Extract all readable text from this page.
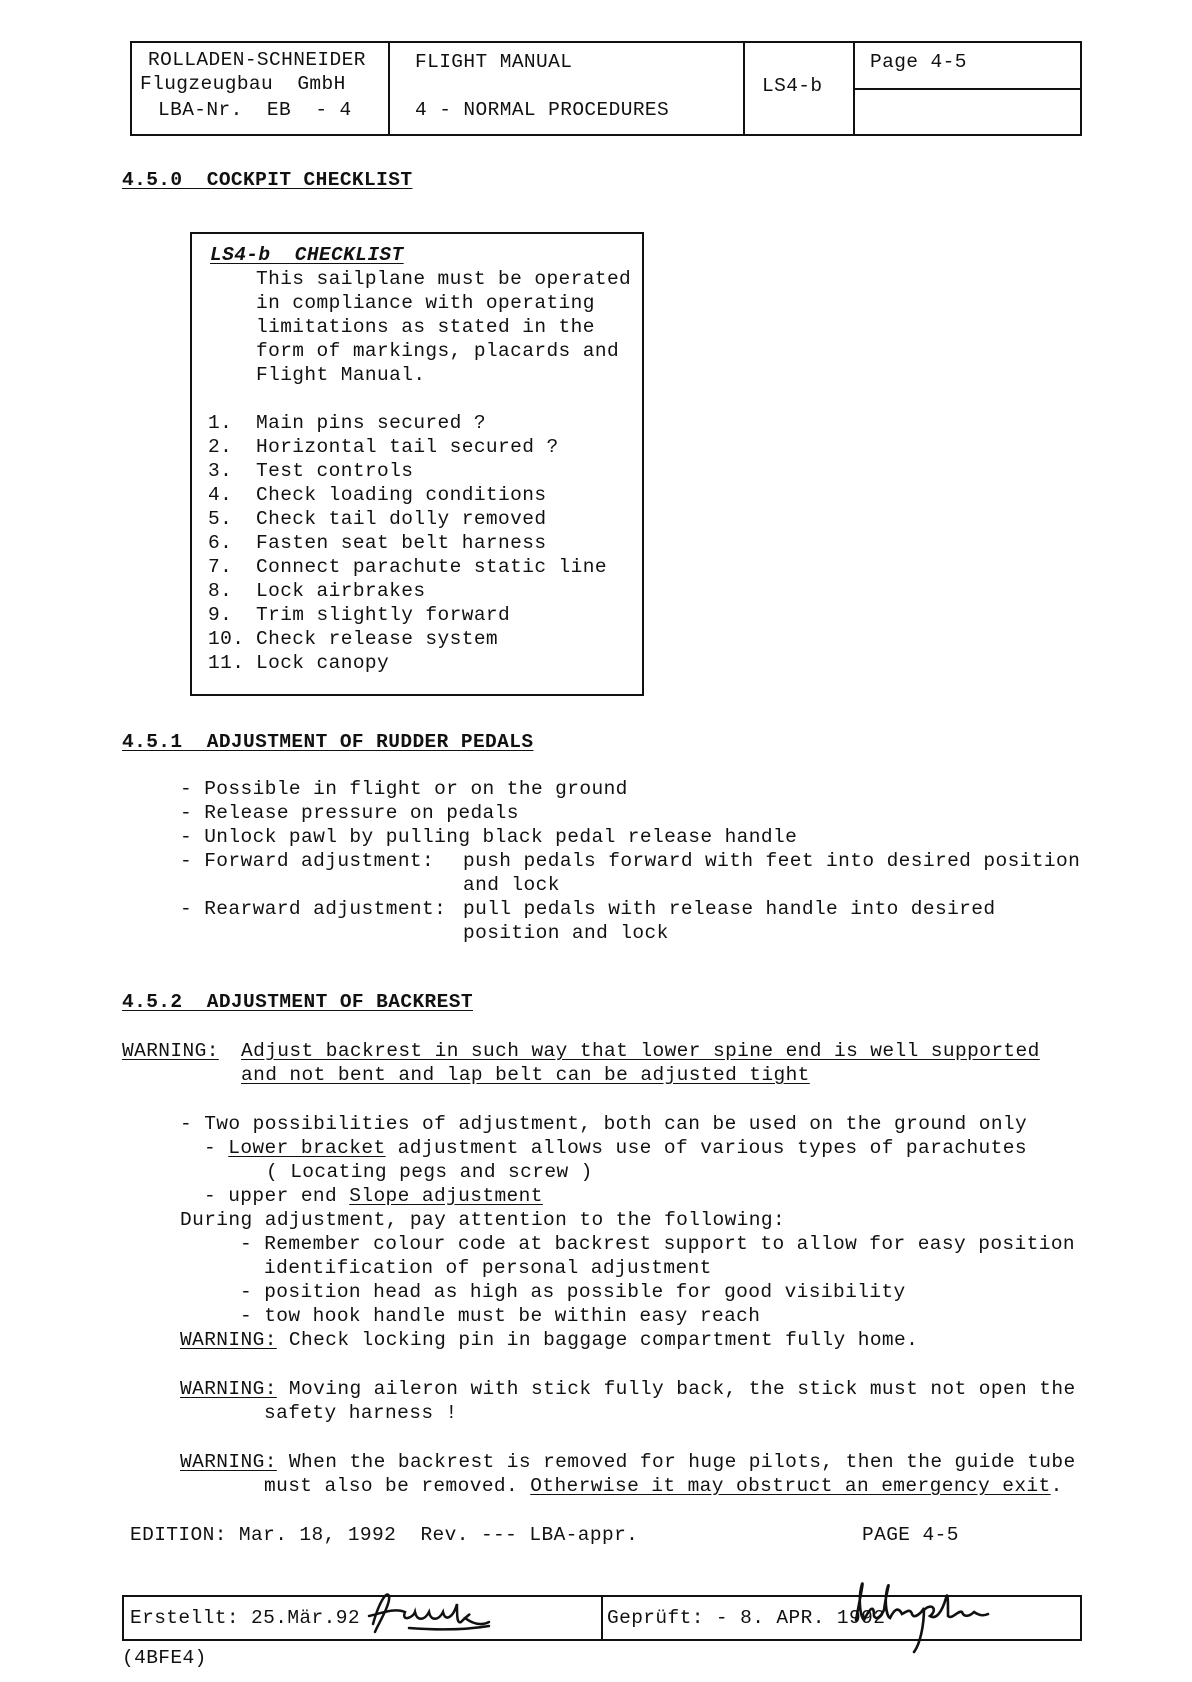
ROLLADEN-SCHNEIDER
Flugzeugbau  GmbH
LBA-Nr.  EB  - 4
FLIGHT MANUAL
4 - NORMAL PROCEDURES
LS4-b
Page 4-5
4.5.0  COCKPIT CHECKLIST
LS4-b  CHECKLIST
This sailplane must be operated
in compliance with operating
limitations as stated in the
form of markings, placards and
Flight Manual.
1. Main pins secured ?
2. Horizontal tail secured ?
3. Test controls
4. Check loading conditions
5. Check tail dolly removed
6. Fasten seat belt harness
7. Connect parachute static line
8. Lock airbrakes
9. Trim slightly forward
10. Check release system
11. Lock canopy
4.5.1  ADJUSTMENT OF RUDDER PEDALS
- Possible in flight or on the ground
- Release pressure on pedals
- Unlock pawl by pulling black pedal release handle
- Forward adjustment: push pedals forward with feet into desired position
and lock
- Rearward adjustment: pull pedals with release handle into desired
position and lock
4.5.2  ADJUSTMENT OF BACKREST
WARNING: Adjust backrest in such way that lower spine end is well supported
and not bent and lap belt can be adjusted tight
- Two possibilities of adjustment, both can be used on the ground only
- Lower bracket adjustment allows use of various types of parachutes
( Locating pegs and screw )
- upper end Slope adjustment
During adjustment, pay attention to the following:
- Remember colour code at backrest support to allow for easy position
identification of personal adjustment
- position head as high as possible for good visibility
- tow hook handle must be within easy reach
WARNING: Check locking pin in baggage compartment fully home.
WARNING: Moving aileron with stick fully back, the stick must not open the
safety harness !
WARNING: When the backrest is removed for huge pilots, then the guide tube
must also be removed. Otherwise it may obstruct an emergency exit.
EDITION: Mar. 18, 1992  Rev. --- LBA-appr.	PAGE 4-5
Erstellt: 25.Mär.92	Geprüft: - 8. APR. 1992
(4BFE4)
